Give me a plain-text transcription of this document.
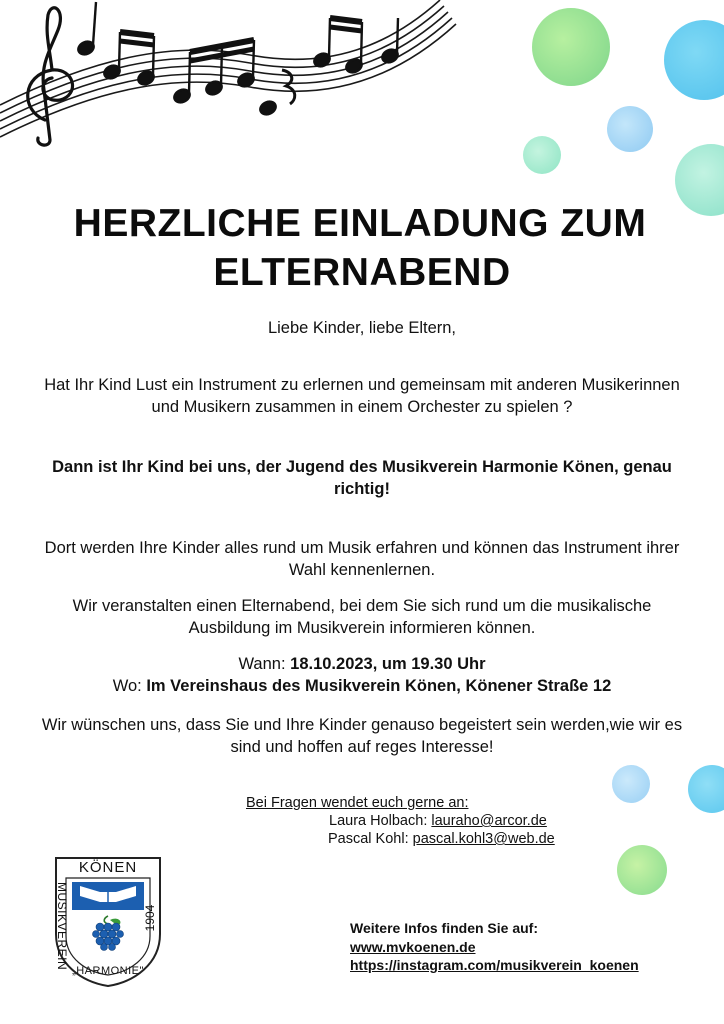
HERZLICHE EINLADUNG ZUM
ELTERNABEND

Liebe Kinder, liebe Eltern,

Hat Ihr Kind Lust ein Instrument zu erlernen und gemeinsam mit anderen Musikerinnen
und Musikern zusammen in einem Orchester zu spielen ?

Dann ist Ihr Kind bei uns, der Jugend des Musikverein Harmonie Könen, genau
richtig!

Dort werden Ihre Kinder alles rund um Musik erfahren und können das Instrument ihrer
Wahl kennenlernen.

Wir veranstalten einen Elternabend, bei dem Sie sich rund um die musikalische
Ausbildung im Musikverein informieren können.

Wann: 18.10.2023, um 19.30 Uhr
Wo: Im Vereinshaus des Musikverein Könen, Könener Straße 12

Wir wünschen uns, dass Sie und Ihre Kinder genauso begeistert sein werden,wie wir es
sind und hoffen auf reges Interesse!

Bei Fragen wendet euch gerne an:
Laura Holbach: lauraho@arcor.de
Pascal Kohl: pascal.kohl3@web.de
KÖNEN
MUSIKVEREIN	1904
„HARMONIE"
Weitere Infos finden Sie auf:
www.mvkoenen.de
https://instagram.com/musikverein_koenen
